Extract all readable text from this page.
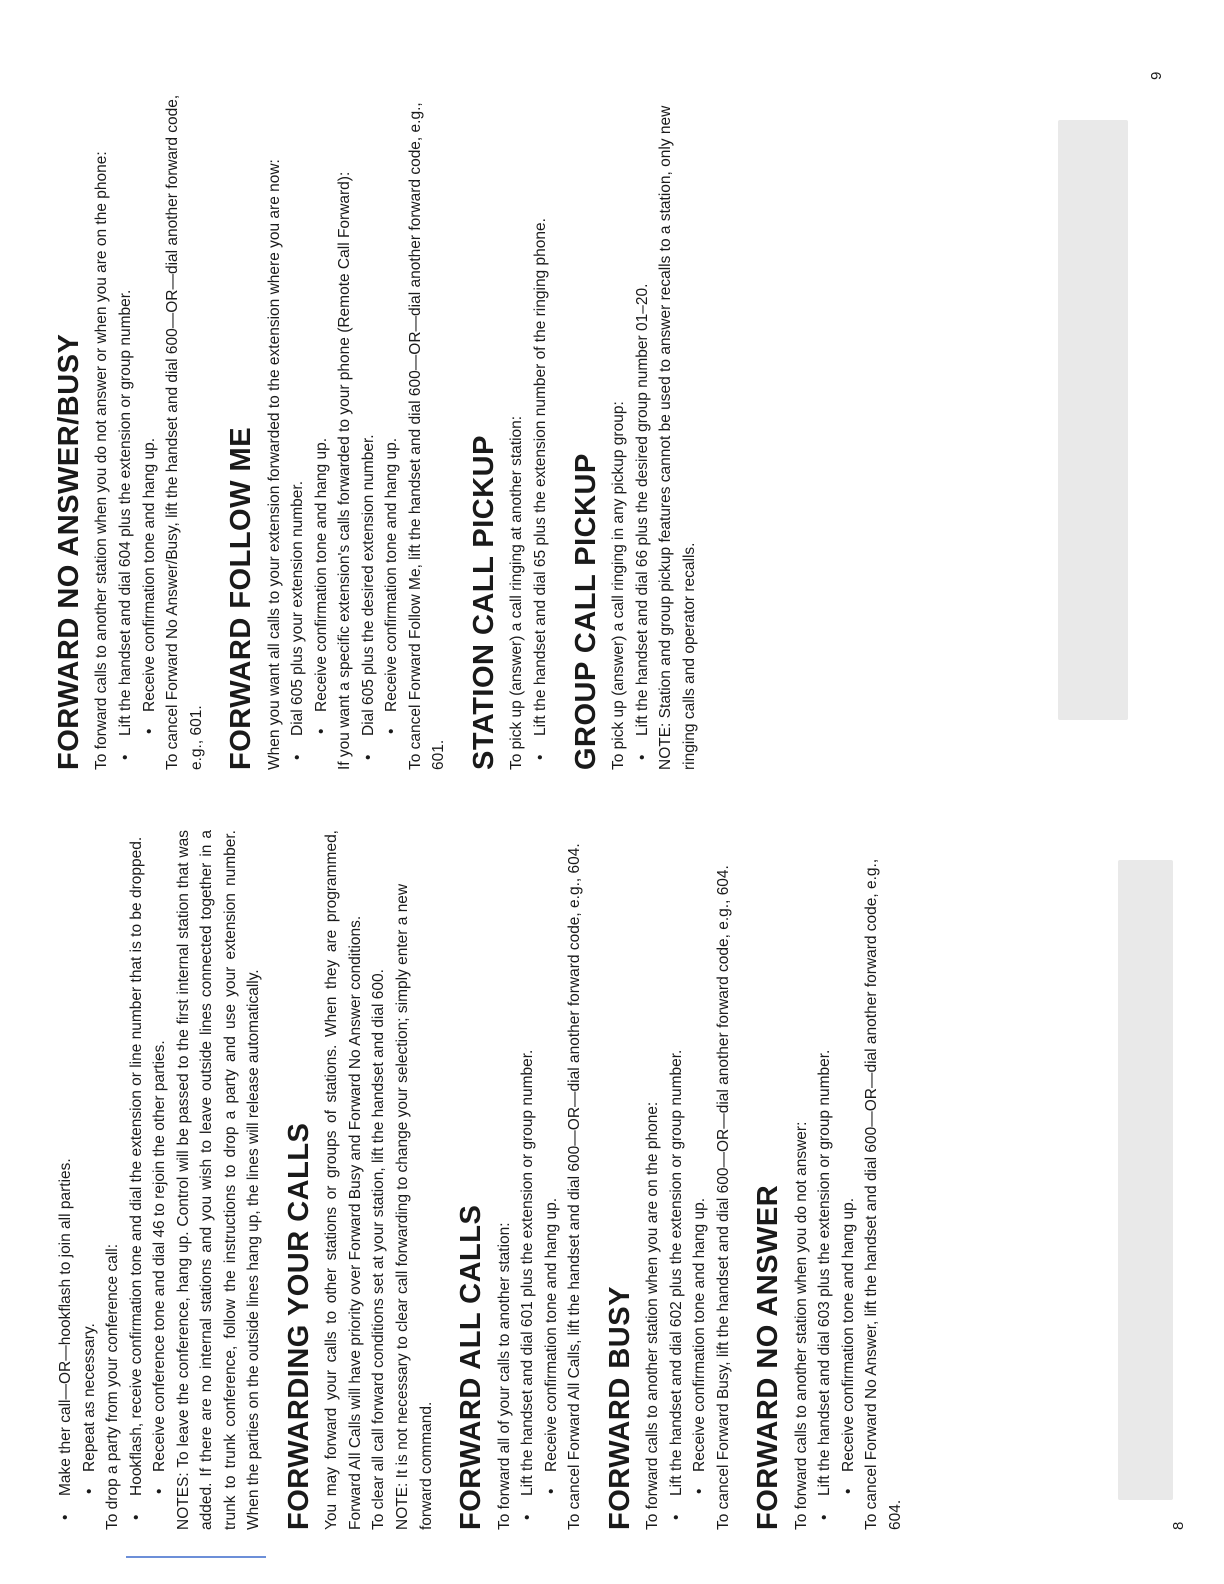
• Make ther call—OR—hookflash to join all parties. • Repeat as necessary. To drop a party from your conference call: • Hookflash, receive confirmation tone and dial the extension or line number that is to be dropped. • Receive conference tone and dial 46 to rejoin the other parties. NOTES: To leave the conference, hang up. Control will be passed to the first internal station that was added. If there are no internal stations and you wish to leave outside lines connected together in a trunk to trunk conference, follow the instructions to drop a party and use your extension number. When the parties on the outside lines hang up, the lines will release automatically. FORWARDING YOUR CALLS You may forward your calls to other stations or groups of stations. When they are programmed, Forward All Calls will have priority over Forward Busy and Forward No Answer conditions. To clear all call forward conditions set at your station, lift the handset and dial 600. NOTE: It is not necessary to clear call forwarding to change your selection; simply enter a new forward command. FORWARD ALL CALLS To forward all of your calls to another station: • Lift the handset and dial 601 plus the extension or group number. • Receive confirmation tone and hang up. To cancel Forward All Calls, lift the handset and dial 600—OR—dial another forward code, e.g., 604. FORWARD BUSY To forward calls to another station when you are on the phone: • Lift the handset and dial 602 plus the extension or group number. • Receive confirmation tone and hang up. To cancel Forward Busy, lift the handset and dial 600—OR—dial another forward code, e.g., 604. FORWARD NO ANSWER To forward calls to another station when you do not answer: • Lift the handset and dial 603 plus the extension or group number. • Receive confirmation tone and hang up. To cancel Forward No Answer, lift the handset and dial 600—OR—dial another forward code, e.g., 604.	8
FORWARD NO ANSWER/BUSY To forward calls to another station when you do not answer or when you are on the phone: • Lift the handset and dial 604 plus the extension or group number. • Receive confirmation tone and hang up. To cancel Forward No Answer/Busy, lift the handset and dial 600—OR—dial another forward code, e.g., 601. FORWARD FOLLOW ME When you want all calls to your extension forwarded to the extension where you are now: • Dial 605 plus your extension number. • Receive confirmation tone and hang up. If you want a specific extension's calls forwarded to your phone (Remote Call Forward): • Dial 605 plus the desired extension number. • Receive confirmation tone and hang up. To cancel Forward Follow Me, lift the handset and dial 600—OR—dial another forward code, e.g., 601. STATION CALL PICKUP To pick up (answer) a call ringing at another station: • Lift the handset and dial 65 plus the extension number of the ringing phone. GROUP CALL PICKUP To pick up (answer) a call ringing in any pickup group: • Lift the handset and dial 66 plus the desired group number 01–20. NOTE: Station and group pickup features cannot be used to answer recalls to a station, only new ringing calls and operator recalls.

9
